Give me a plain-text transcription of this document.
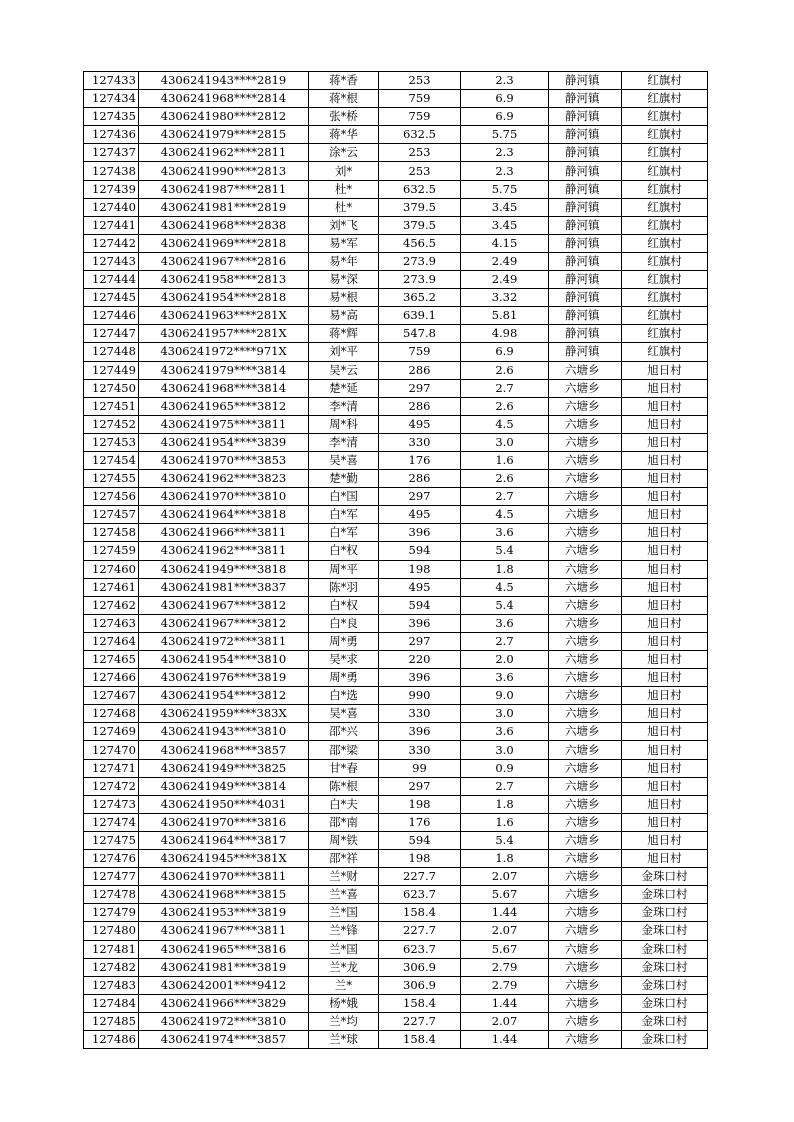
127433	4306241943****2819	蒋*香	253	2.3	静河镇	红旗村
127434	4306241968****2814	蒋*根	759	6.9	静河镇	红旗村
127435	4306241980****2812	张*桥	759	6.9	静河镇	红旗村
127436	4306241979****2815	蒋*华	632.5	5.75	静河镇	红旗村
127437	4306241962****2811	涂*云	253	2.3	静河镇	红旗村
127438	4306241990****2813	刘*	253	2.3	静河镇	红旗村
127439	4306241987****2811	杜*	632.5	5.75	静河镇	红旗村
127440	4306241981****2819	杜*	379.5	3.45	静河镇	红旗村
127441	4306241968****2838	刘*飞	379.5	3.45	静河镇	红旗村
127442	4306241969****2818	易*军	456.5	4.15	静河镇	红旗村
127443	4306241967****2816	易*年	273.9	2.49	静河镇	红旗村
127444	4306241958****2813	易*深	273.9	2.49	静河镇	红旗村
127445	4306241954****2818	易*根	365.2	3.32	静河镇	红旗村
127446	4306241963****281X	易*高	639.1	5.81	静河镇	红旗村
127447	4306241957****281X	蒋*辉	547.8	4.98	静河镇	红旗村
127448	4306241972****971X	刘*平	759	6.9	静河镇	红旗村
127449	4306241979****3814	吴*云	286	2.6	六塘乡	旭日村
127450	4306241968****3814	楚*延	297	2.7	六塘乡	旭日村
127451	4306241965****3812	李*清	286	2.6	六塘乡	旭日村
127452	4306241975****3811	周*科	495	4.5	六塘乡	旭日村
127453	4306241954****3839	李*清	330	3.0	六塘乡	旭日村
127454	4306241970****3853	吴*喜	176	1.6	六塘乡	旭日村
127455	4306241962****3823	楚*勤	286	2.6	六塘乡	旭日村
127456	4306241970****3810	白*国	297	2.7	六塘乡	旭日村
127457	4306241964****3818	白*军	495	4.5	六塘乡	旭日村
127458	4306241966****3811	白*军	396	3.6	六塘乡	旭日村
127459	4306241962****3811	白*权	594	5.4	六塘乡	旭日村
127460	4306241949****3818	周*平	198	1.8	六塘乡	旭日村
127461	4306241981****3837	陈*羽	495	4.5	六塘乡	旭日村
127462	4306241967****3812	白*权	594	5.4	六塘乡	旭日村
127463	4306241967****3812	白*良	396	3.6	六塘乡	旭日村
127464	4306241972****3811	周*勇	297	2.7	六塘乡	旭日村
127465	4306241954****3810	吴*求	220	2.0	六塘乡	旭日村
127466	4306241976****3819	周*勇	396	3.6	六塘乡	旭日村
127467	4306241954****3812	白*选	990	9.0	六塘乡	旭日村
127468	4306241959****383X	吴*喜	330	3.0	六塘乡	旭日村
127469	4306241943****3810	邵*兴	396	3.6	六塘乡	旭日村
127470	4306241968****3857	邵*梁	330	3.0	六塘乡	旭日村
127471	4306241949****3825	甘*春	99	0.9	六塘乡	旭日村
127472	4306241949****3814	陈*根	297	2.7	六塘乡	旭日村
127473	4306241950****4031	白*夫	198	1.8	六塘乡	旭日村
127474	4306241970****3816	邵*南	176	1.6	六塘乡	旭日村
127475	4306241964****3817	周*铁	594	5.4	六塘乡	旭日村
127476	4306241945****381X	邵*祥	198	1.8	六塘乡	旭日村
127477	4306241970****3811	兰*财	227.7	2.07	六塘乡	金珠口村
127478	4306241968****3815	兰*喜	623.7	5.67	六塘乡	金珠口村
127479	4306241953****3819	兰*国	158.4	1.44	六塘乡	金珠口村
127480	4306241967****3811	兰*锋	227.7	2.07	六塘乡	金珠口村
127481	4306241965****3816	兰*国	623.7	5.67	六塘乡	金珠口村
127482	4306241981****3819	兰*龙	306.9	2.79	六塘乡	金珠口村
127483	4306242001****9412	兰*	306.9	2.79	六塘乡	金珠口村
127484	4306241966****3829	杨*娥	158.4	1.44	六塘乡	金珠口村
127485	4306241972****3810	兰*均	227.7	2.07	六塘乡	金珠口村
127486	4306241974****3857	兰*球	158.4	1.44	六塘乡	金珠口村
